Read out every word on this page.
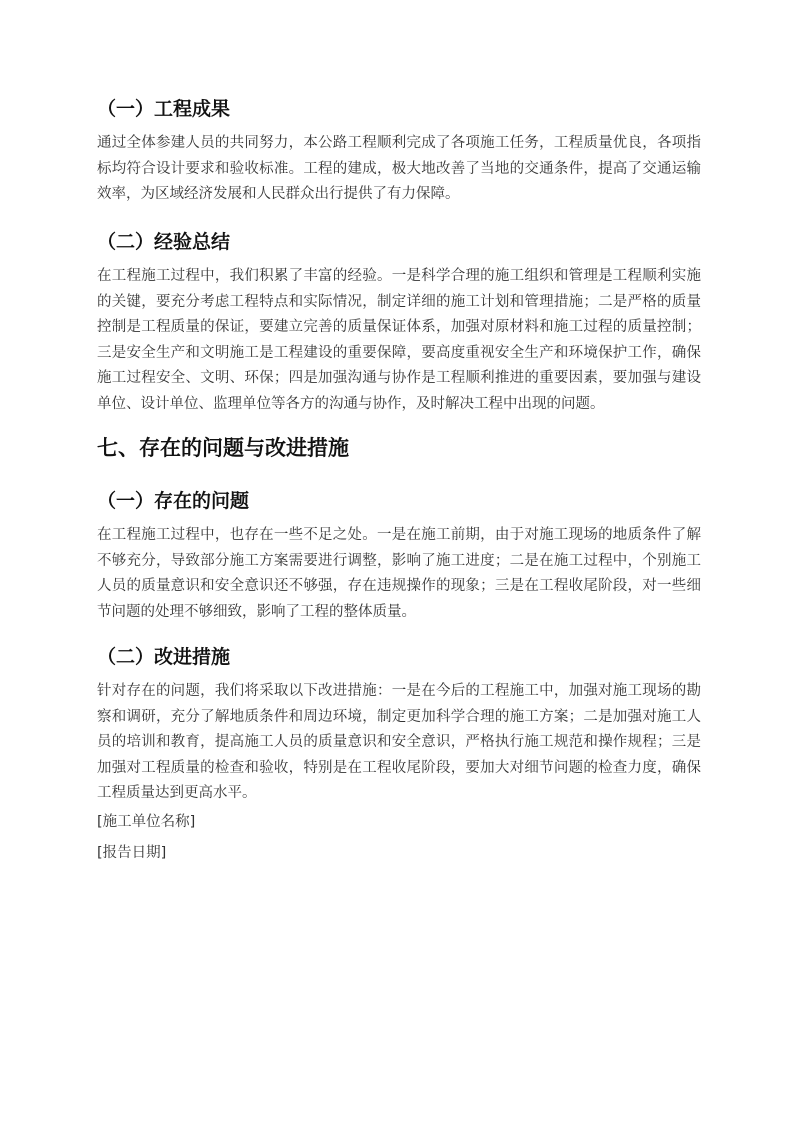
（一）工程成果

通过全体参建人员的共同努力，本公路工程顺利完成了各项施工任务，工程质量优良，各项指标均符合设计要求和验收标准。工程的建成，极大地改善了当地的交通条件，提高了交通运输效率，为区域经济发展和人民群众出行提供了有力保障。

（二）经验总结

在工程施工过程中，我们积累了丰富的经验。一是科学合理的施工组织和管理是工程顺利实施的关键，要充分考虑工程特点和实际情况，制定详细的施工计划和管理措施；二是严格的质量控制是工程质量的保证，要建立完善的质量保证体系，加强对原材料和施工过程的质量控制；三是安全生产和文明施工是工程建设的重要保障，要高度重视安全生产和环境保护工作，确保施工过程安全、文明、环保；四是加强沟通与协作是工程顺利推进的重要因素，要加强与建设单位、设计单位、监理单位等各方的沟通与协作，及时解决工程中出现的问题。

七、存在的问题与改进措施
（一）存在的问题

在工程施工过程中，也存在一些不足之处。一是在施工前期，由于对施工现场的地质条件了解不够充分，导致部分施工方案需要进行调整，影响了施工进度；二是在施工过程中，个别施工人员的质量意识和安全意识还不够强，存在违规操作的现象；三是在工程收尾阶段，对一些细节问题的处理不够细致，影响了工程的整体质量。

（二）改进措施

针对存在的问题，我们将采取以下改进措施：一是在今后的工程施工中，加强对施工现场的勘察和调研，充分了解地质条件和周边环境，制定更加科学合理的施工方案；二是加强对施工人员的培训和教育，提高施工人员的质量意识和安全意识，严格执行施工规范和操作规程；三是加强对工程质量的检查和验收，特别是在工程收尾阶段，要加大对细节问题的检查力度，确保工程质量达到更高水平。

[施工单位名称]

[报告日期]
